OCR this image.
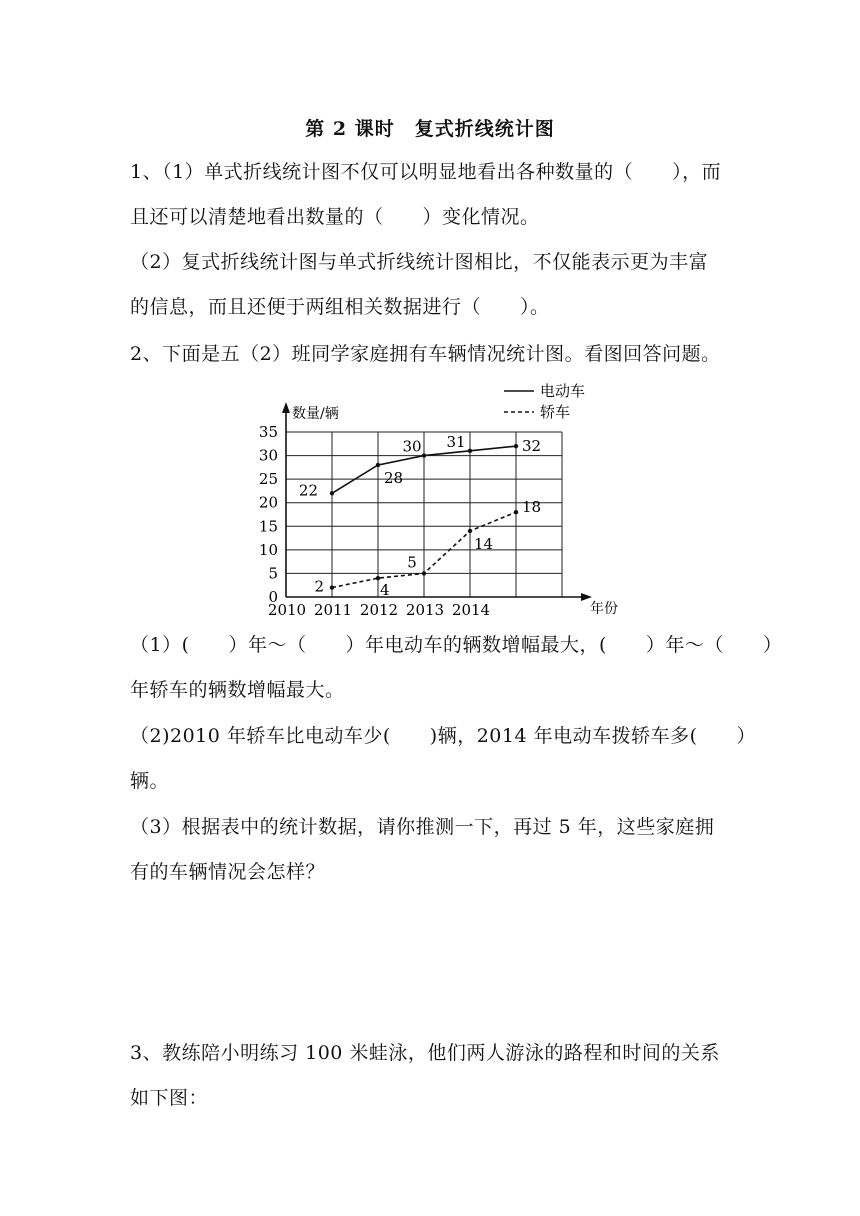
第 2 课时　复式折线统计图
1、（1）单式折线统计图不仅可以明显地看出各种数量的（　　），而
且还可以清楚地看出数量的（　　）变化情况。
（2）复式折线统计图与单式折线统计图相比，不仅能表示更为丰富
的信息，而且还便于两组相关数据进行（　　）。
2、下面是五（2）班同学家庭拥有车辆情况统计图。看图回答问题。
数量/辆
年份
0
5
10
15
20
25
30
35
2010 2011 2012 2013 2014
22
28
30 31	32
2	4
5
14
18
电动车
轿车
（1）(　　）年～（　　）年电动车的辆数增幅最大，(　　）年～（　　）
年轿车的辆数增幅最大。
（2)2010 年轿车比电动车少(　　)辆，2014 年电动车拨轿车多(　　）
辆。
（3）根据表中的统计数据，请你推测一下，再过 5 年，这些家庭拥
有的车辆情况会怎样？
3、教练陪小明练习 100 米蛙泳，他们两人游泳的路程和时间的关系
如下图：
